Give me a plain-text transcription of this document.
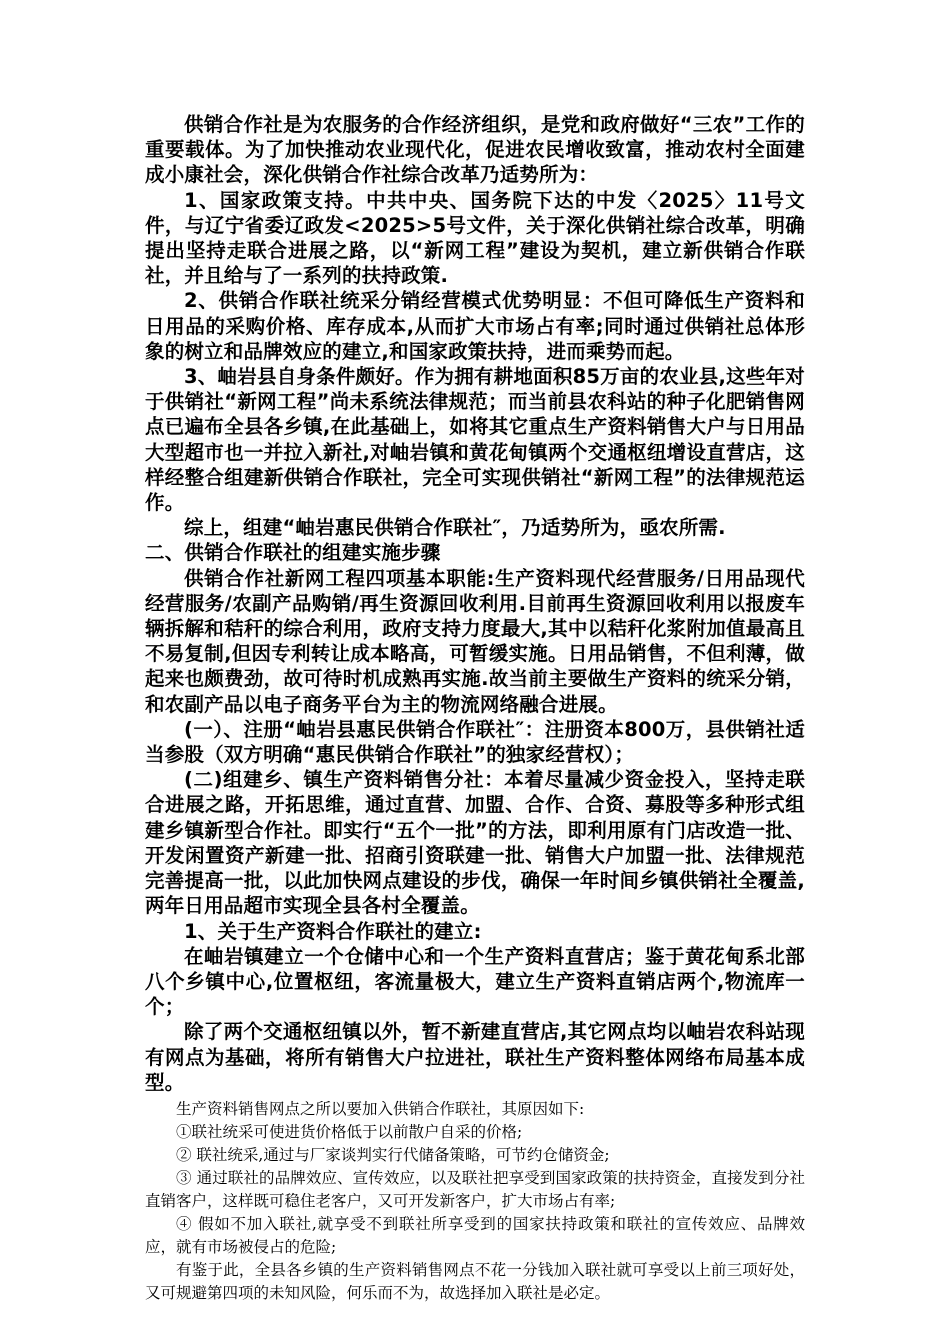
供销合作社是为农服务的合作经济组织，是党和政府做好“三农”工作的重要载体。为了加快推动农业现代化，促进农民增收致富，推动农村全面建成小康社会，深化供销合作社综合改革乃适势所为：

1、国家政策支持。中共中央、国务院下达的中发〈2025〉11号文件，与辽宁省委辽政发<2025>5号文件，关于深化供销社综合改革，明确提出坚持走联合进展之路，以“新网工程”建设为契机，建立新供销合作联社，并且给与了一系列的扶持政策.

2、供销合作联社统采分销经营模式优势明显：不但可降低生产资料和日用品的采购价格、库存成本,从而扩大市场占有率;同时通过供销社总体形象的树立和品牌效应的建立,和国家政策扶持，进而乘势而起。

3、岫岩县自身条件颇好。作为拥有耕地面积85万亩的农业县,这些年对于供销社“新网工程”尚未系统法律规范；而当前县农科站的种子化肥销售网点已遍布全县各乡镇,在此基础上，如将其它重点生产资料销售大户与日用品大型超市也一并拉入新社,对岫岩镇和黄花甸镇两个交通枢纽增设直营店，这样经整合组建新供销合作联社，完全可实现供销社“新网工程”的法律规范运作。

综上，组建“岫岩惠民供销合作联社″，乃适势所为，亟农所需.

二、供销合作联社的组建实施步骤

供销合作社新网工程四项基本职能:生产资料现代经营服务/日用品现代经营服务/农副产品购销/再生资源回收利用.目前再生资源回收利用以报废车辆拆解和秸秆的综合利用，政府支持力度最大,其中以秸秆化浆附加值最高且不易复制,但因专利转让成本略高，可暂缓实施。日用品销售，不但利薄，做起来也颇费劲，故可待时机成熟再实施.故当前主要做生产资料的统采分销，和农副产品以电子商务平台为主的物流网络融合进展。

(一）、注册“岫岩县惠民供销合作联社″：注册资本800万，县供销社适当参股（双方明确“惠民供销合作联社”的独家经营权）；

(二)组建乡、镇生产资料销售分社：本着尽量减少资金投入，坚持走联合进展之路，开拓思维，通过直营、加盟、合作、合资、募股等多种形式组建乡镇新型合作社。即实行“五个一批”的方法，即利用原有门店改造一批、开发闲置资产新建一批、招商引资联建一批、销售大户加盟一批、法律规范完善提高一批，以此加快网点建设的步伐，确保一年时间乡镇供销社全覆盖,两年日用品超市实现全县各村全覆盖。

1、关于生产资料合作联社的建立:

在岫岩镇建立一个仓储中心和一个生产资料直营店；鉴于黄花甸系北部八个乡镇中心,位置枢纽，客流量极大，建立生产资料直销店两个,物流库一个；

除了两个交通枢纽镇以外，暂不新建直营店,其它网点均以岫岩农科站现有网点为基础，将所有销售大户拉进社，联社生产资料整体网络布局基本成型。

生产资料销售网点之所以要加入供销合作联社，其原因如下:

①联社统采可使进货价格低于以前散户自采的价格;

② 联社统采,通过与厂家谈判实行代储备策略，可节约仓储资金;

③ 通过联社的品牌效应、宣传效应，以及联社把享受到国家政策的扶持资金，直接发到分社直销客户，这样既可稳住老客户，又可开发新客户，扩大市场占有率;

④ 假如不加入联社,就享受不到联社所享受到的国家扶持政策和联社的宣传效应、品牌效应，就有市场被侵占的危险;

有鉴于此，全县各乡镇的生产资料销售网点不花一分钱加入联社就可享受以上前三项好处，又可规避第四项的未知风险，何乐而不为，故选择加入联社是必定。
